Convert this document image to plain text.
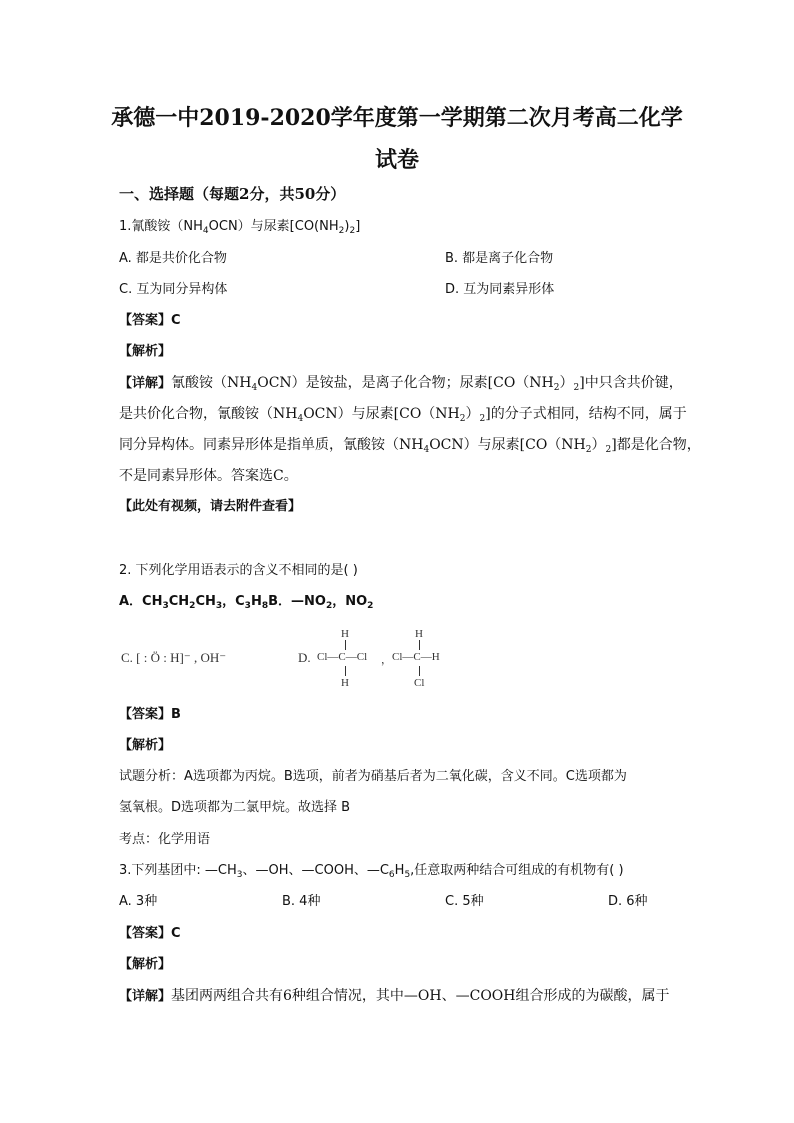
承德一中2019-2020学年度第一学期第二次月考高二化学
试卷
一、选择题（每题2分，共50分）
1.氰酸铵$(NH_4OCN)$与尿素$[CO(NH_2)_2]$
A. 都是共价化合物	B. 都是离子化合物
C. 互为同分异构体	D. 互为同素异形体
【答案】C
【解析】
【详解】氰酸铵$(NH_4OCN)$是铵盐，是离子化合物；尿素$[CO(NH_2)_2]$中只含共价键，
是共价化合物，氰酸铵$(NH_4OCN)$与尿素$[CO(NH_2)_2]$的分子式相同，结构不同，属于
同分异构体。同素异形体是指单质，氰酸铵$(NH_4OCN)$与尿素$[CO(NH_2)_2]$都是化合物，
不是同素异形体。答案选C。
【此处有视频，请去附件查看】
2. 下列化学用语表示的含义不相同的是( )
A．$CH_3CH_2CH_3$，$C_3H_8B$．$—NO_2$，$NO_2$
C. [ : Ö : H]⁻ , OH⁻	D.
H
Cl—C—Cl
H
，
H
Cl—C—H
Cl
【答案】B
【解析】
试题分析：A选项都为丙烷。B选项，前者为硝基后者为二氧化碳，含义不同。C选项都为
氢氧根。D选项都为二氯甲烷。故选择 B
考点：化学用语
3.下列基团中: $—CH_3$、—OH、—COOH、$—C_6H_5$,任意取两种结合可组成的有机物有( )
A. 3种	B. 4种	C. 5种	D. 6种
【答案】C
【解析】
【详解】基团两两组合共有6种组合情况，其中—OH、—COOH组合形成的为碳酸，属于
